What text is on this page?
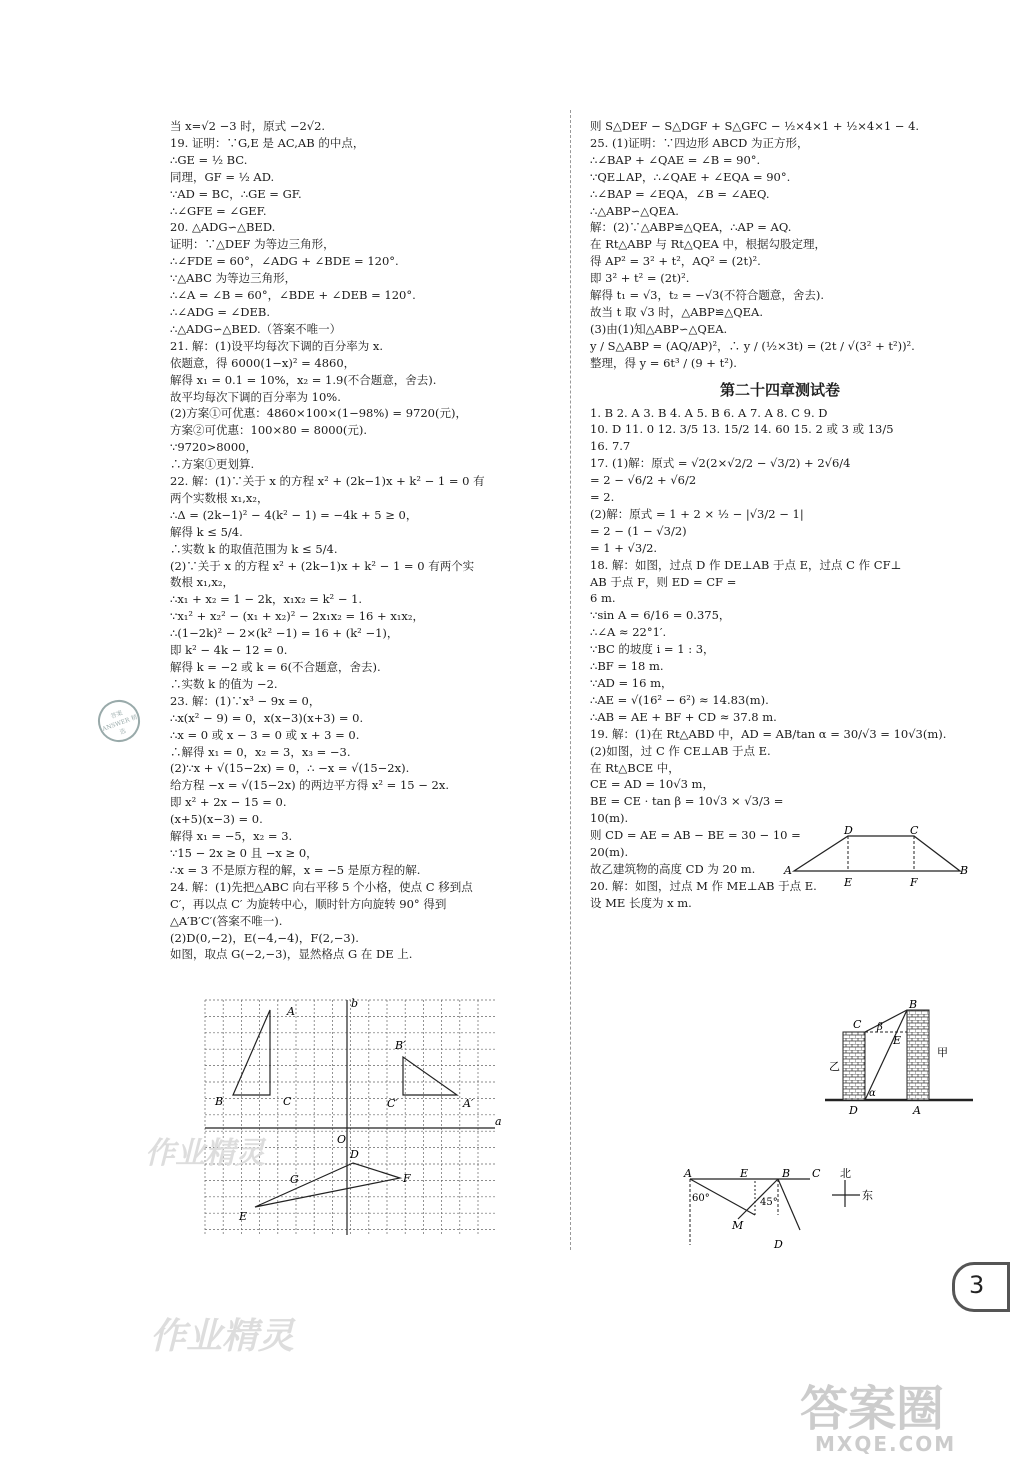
当 x=√2 −3 时，原式 −2√2.
19. 证明：∵G,E 是 AC,AB 的中点，
∴GE = ½ BC.
同理，GF = ½ AD.
∵AD = BC，∴GE = GF.
∴∠GFE = ∠GEF.
20. △ADG∽△BED.
证明：∵△DEF 为等边三角形，
∴∠FDE = 60°，∠ADG + ∠BDE = 120°.
∵△ABC 为等边三角形，
∴∠A = ∠B = 60°，∠BDE + ∠DEB = 120°.
∴∠ADG = ∠DEB.
∴△ADG∽△BED.（答案不唯一）
21. 解：(1)设平均每次下调的百分率为 x.
依题意，得 6000(1−x)² = 4860，
解得 x₁ = 0.1 = 10%，x₂ = 1.9(不合题意，舍去).
故平均每次下调的百分率为 10%.
(2)方案①可优惠：4860×100×(1−98%) = 9720(元)，
方案②可优惠：100×80 = 8000(元).
∵9720>8000，
∴方案①更划算.
22. 解：(1)∵关于 x 的方程 x² + (2k−1)x + k² − 1 = 0 有
两个实数根 x₁,x₂，
∴Δ = (2k−1)² − 4(k² − 1) = −4k + 5 ≥ 0，
解得 k ≤ 5/4.
∴实数 k 的取值范围为 k ≤ 5/4.
(2)∵关于 x 的方程 x² + (2k−1)x + k² − 1 = 0 有两个实
数根 x₁,x₂，
∴x₁ + x₂ = 1 − 2k，x₁x₂ = k² − 1.
∵x₁² + x₂² − (x₁ + x₂)² − 2x₁x₂ = 16 + x₁x₂，
∴(1−2k)² − 2×(k² −1) = 16 + (k² −1)，
即 k² − 4k − 12 = 0.
解得 k = −2 或 k = 6(不合题意，舍去).
∴实数 k 的值为 −2.
23. 解：(1)∵x³ − 9x = 0，
∴x(x² − 9) = 0，x(x−3)(x+3) = 0.
∴x = 0 或 x − 3 = 0 或 x + 3 = 0.
∴解得 x₁ = 0，x₂ = 3，x₃ = −3.
(2)∵x + √(15−2x) = 0，∴ −x = √(15−2x).
给方程 −x = √(15−2x) 的两边平方得 x² = 15 − 2x.
即 x² + 2x − 15 = 0.
(x+5)(x−3) = 0.
解得 x₁ = −5，x₂ = 3.
∵15 − 2x ≥ 0 且 −x ≥ 0，
∴x = 3 不是原方程的解，x = −5 是原方程的解.
24. 解：(1)先把△ABC 向右平移 5 个小格，使点 C 移到点
C′，再以点 C′ 为旋转中心，顺时针方向旋转 90° 得到
△A′B′C′(答案不唯一).
(2)D(0,−2)，E(−4,−4)，F(2,−3).
如图，取点 G(−2,−3)，显然格点 G 在 DE 上.
则 S△DEF − S△DGF + S△GFC − ½×4×1 + ½×4×1 − 4.
25. (1)证明：∵四边形 ABCD 为正方形，
∴∠BAP + ∠QAE = ∠B = 90°.
∵QE⊥AP，∴∠QAE + ∠EQA = 90°.
∴∠BAP = ∠EQA，∠B = ∠AEQ.
∴△ABP∽△QEA.
解：(2)∵△ABP≌△QEA，∴AP = AQ.
在 Rt△ABP 与 Rt△QEA 中，根据勾股定理，
得 AP² = 3² + t²，AQ² = (2t)².
即 3² + t² = (2t)².
解得 t₁ = √3，t₂ = −√3(不符合题意，舍去).
故当 t 取 √3 时，△ABP≌△QEA.
(3)由(1)知△ABP∽△QEA.
y / S△ABP = (AQ/AP)²，∴ y / (½×3t) = (2t / √(3² + t²))².
整理，得 y = 6t³ / (9 + t²).
第二十四章测试卷
1. B 2. A 3. B 4. A 5. B 6. A 7. A 8. C 9. D
10. D 11. 0 12. 3/5 13. 15/2 14. 60 15. 2 或 3 或 13/5
16. 7.7
17. (1)解：原式 = √2(2×√2/2 − √3/2) + 2√6/4
= 2 − √6/2 + √6/2
= 2.
(2)解：原式 = 1 + 2 × ½ − |√3/2 − 1|
= 2 − (1 − √3/2)
= 1 + √3/2.
18. 解：如图，过点 D 作 DE⊥AB 于点 E，过点 C 作 CF⊥
AB 于点 F，则 ED = CF =
6 m.
∵sin A = 6/16 = 0.375，
∴∠A ≈ 22°1′.
∵BC 的坡度 i = 1 : 3，
∴BF = 18 m.
∵AD = 16 m，
∴AE = √(16² − 6²) ≈ 14.83(m).
∴AB = AE + BF + CD ≈ 37.8 m.
19. 解：(1)在 Rt△ABD 中，AD = AB/tan α = 30/√3 = 10√3(m).
(2)如图，过 C 作 CE⊥AB 于点 E.
在 Rt△BCE 中，
CE = AD = 10√3 m，
BE = CE · tan β = 10√3 × √3/3 =
10(m).
则 CD = AE = AB − BE = 30 − 10 =
20(m).
故乙建筑物的高度 CD 为 20 m.
20. 解：如图，过点 M 作 ME⊥AB 于点 E.
设 ME 长度为 x m.
a
b
O
A
B	C	A′
B′
C′
D
E
F
G
A	B
C
D
E	F
B
C
D	A
E
α
β
甲
乙
A	B C
D
E
M
60°	45°
北
东
3
答案 ANSWER 精选
作业精灵
作业精灵
答案圈
MXQE.COM
